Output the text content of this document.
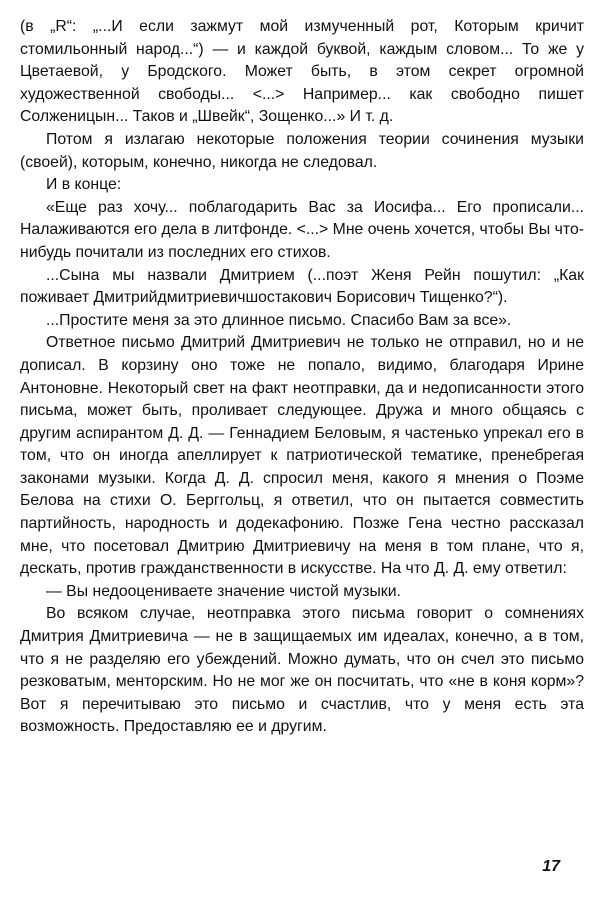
(в „R“: „...И если зажмут мой измученный рот, Которым кричит стомильонный народ...“) — и каждой буквой, каждым словом... То же у Цветаевой, у Бродского. Может быть, в этом секрет огромной художественной свободы... <...> Например... как свободно пишет Солженицын... Таков и „Швейк“, Зощенко...» И т. д.

Потом я излагаю некоторые положения теории сочинения музыки (своей), которым, конечно, никогда не следовал.

И в конце:

«Еще раз хочу... поблагодарить Вас за Иосифа... Его прописали... Налаживаются его дела в литфонде. <...> Мне очень хочется, чтобы Вы что-нибудь почитали из последних его стихов.

...Сына мы назвали Дмитрием (...поэт Женя Рейн пошутил: „Как поживает Дмитрийдмитриевичшостакович Борисович Тищенко?“).

...Простите меня за это длинное письмо. Спасибо Вам за все».

Ответное письмо Дмитрий Дмитриевич не только не отправил, но и не дописал. В корзину оно тоже не попало, видимо, благодаря Ирине Антоновне. Некоторый свет на факт неотправки, да и недописанности этого письма, может быть, проливает следующее. Дружа и много общаясь с другим аспирантом Д. Д. — Геннадием Беловым, я частенько упрекал его в том, что он иногда апеллирует к патриотической тематике, пренебрегая законами музыки. Когда Д. Д. спросил меня, какого я мнения о Поэме Белова на стихи О. Берггольц, я ответил, что он пытается совместить партийность, народность и додекафонию. Позже Гена честно рассказал мне, что посетовал Дмитрию Дмитриевичу на меня в том плане, что я, дескать, против гражданственности в искусстве. На что Д. Д. ему ответил:

— Вы недооцениваете значение чистой музыки.

Во всяком случае, неотправка этого письма говорит о сомнениях Дмитрия Дмитриевича — не в защищаемых им идеалах, конечно, а в том, что я не разделяю его убеждений. Можно думать, что он счел это письмо резковатым, менторским. Но не мог же он посчитать, что «не в коня корм»? Вот я перечитываю это письмо и счастлив, что у меня есть эта возможность. Предоставляю ее и другим.

17
